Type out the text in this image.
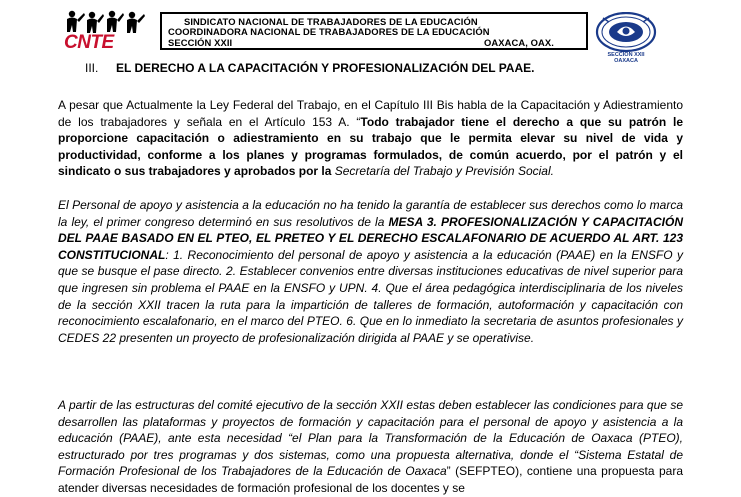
CNTE
SINDICATO NACIONAL DE TRABAJADORES DE LA EDUCACIÓN
COORDINADORA NACIONAL DE TRABAJADORES DE LA EDUCACIÓN
SECCIÓN XXII	OAXACA, OAX.
SECCIÓN XXII OAXACA
III. EL DERECHO A LA CAPACITACIÓN Y PROFESIONALIZACIÓN DEL PAAE.

A pesar que Actualmente la Ley Federal del Trabajo, en el Capítulo III Bis habla de la Capacitación y Adiestramiento de los trabajadores y señala en el Artículo 153 A. “Todo trabajador tiene el derecho a que su patrón le proporcione capacitación o adiestramiento en su trabajo que le permita elevar su nivel de vida y productividad, conforme a los planes y programas formulados, de común acuerdo, por el patrón y el sindicato o sus trabajadores y aprobados por la Secretaría del Trabajo y Previsión Social.

El Personal de apoyo y asistencia a la educación no ha tenido la garantía de establecer sus derechos como lo marca la ley, el primer congreso determinó en sus resolutivos de la MESA 3. PROFESIONALIZACIÓN Y CAPACITACIÓN DEL PAAE BASADO EN EL PTEO, EL PRETEO Y EL DERECHO ESCALAFONARIO DE ACUERDO AL ART. 123 CONSTITUCIONAL: 1. Reconocimiento del personal de apoyo y asistencia a la educación (PAAE) en la ENSFO y que se busque el pase directo. 2. Establecer convenios entre diversas instituciones educativas de nivel superior para que ingresen sin problema el PAAE en la ENSFO y UPN. 4. Que el área pedagógica interdisciplinaria de los niveles de la sección XXII tracen la ruta para la impartición de talleres de formación, autoformación y capacitación con reconocimiento escalafonario, en el marco del PTEO. 6. Que en lo inmediato la secretaria de asuntos profesionales y CEDES 22 presenten un proyecto de profesionalización dirigida al PAAE y se operativise.

A partir de las estructuras del comité ejecutivo de la sección XXII estas deben establecer las condiciones para que se desarrollen las plataformas y proyectos de formación y capacitación para el personal de apoyo y asistencia a la educación (PAAE), ante esta necesidad “el Plan para la Transformación de la Educación de Oaxaca (PTEO), estructurado por tres programas y dos sistemas, como una propuesta alternativa, donde el “Sistema Estatal de Formación Profesional de los Trabajadores de la Educación de Oaxaca” (SEFPTEO), contiene una propuesta para atender diversas necesidades de formación profesional de los docentes y se
